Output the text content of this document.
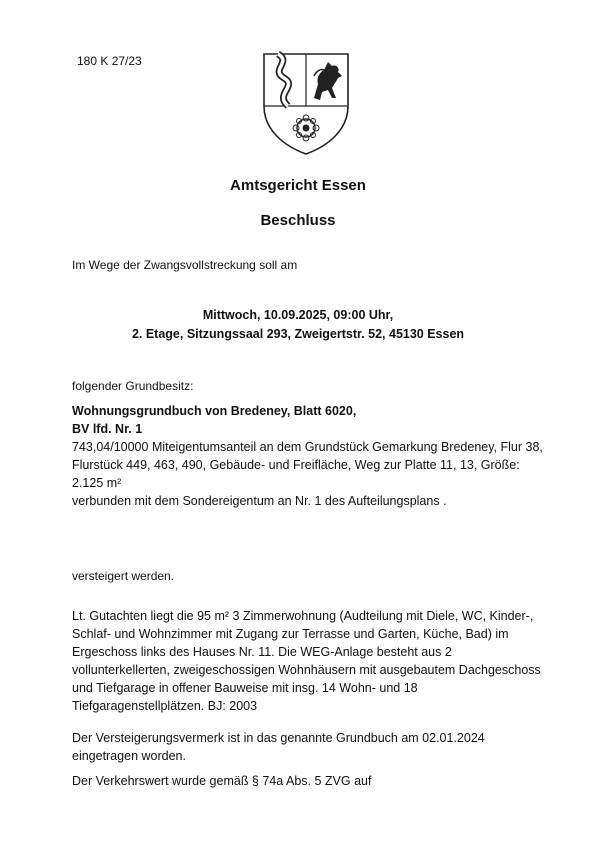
180 K 27/23
Amtsgericht Essen
Beschluss
Im Wege der Zwangsvollstreckung soll am
Mittwoch, 10.09.2025, 09:00 Uhr,
2. Etage, Sitzungssaal 293, Zweigertstr. 52, 45130 Essen
folgender Grundbesitz:
Wohnungsgrundbuch von Bredeney, Blatt 6020,
BV lfd. Nr. 1
743,04/10000 Miteigentumsanteil an dem Grundstück Gemarkung Bredeney, Flur 38,
Flurstück 449, 463, 490, Gebäude- und Freifläche, Weg zur Platte 11, 13, Größe:
2.125 m²
verbunden mit dem Sondereigentum an Nr. 1 des Aufteilungsplans .
versteigert werden.
Lt. Gutachten liegt die 95 m² 3 Zimmerwohnung (Audteilung mit Diele, WC, Kinder-,
Schlaf- und Wohnzimmer mit Zugang zur Terrasse und Garten, Küche, Bad) im
Ergeschoss links des Hauses Nr. 11. Die WEG-Anlage besteht aus 2
vollunterkellerten, zweigeschossigen Wohnhäusern mit ausgebautem Dachgeschoss
und Tiefgarage in offener Bauweise mit insg. 14 Wohn- und 18
Tiefgaragenstellplätzen. BJ: 2003
Der Versteigerungsvermerk ist in das genannte Grundbuch am 02.01.2024
eingetragen worden.
Der Verkehrswert wurde gemäß § 74a Abs. 5 ZVG auf
